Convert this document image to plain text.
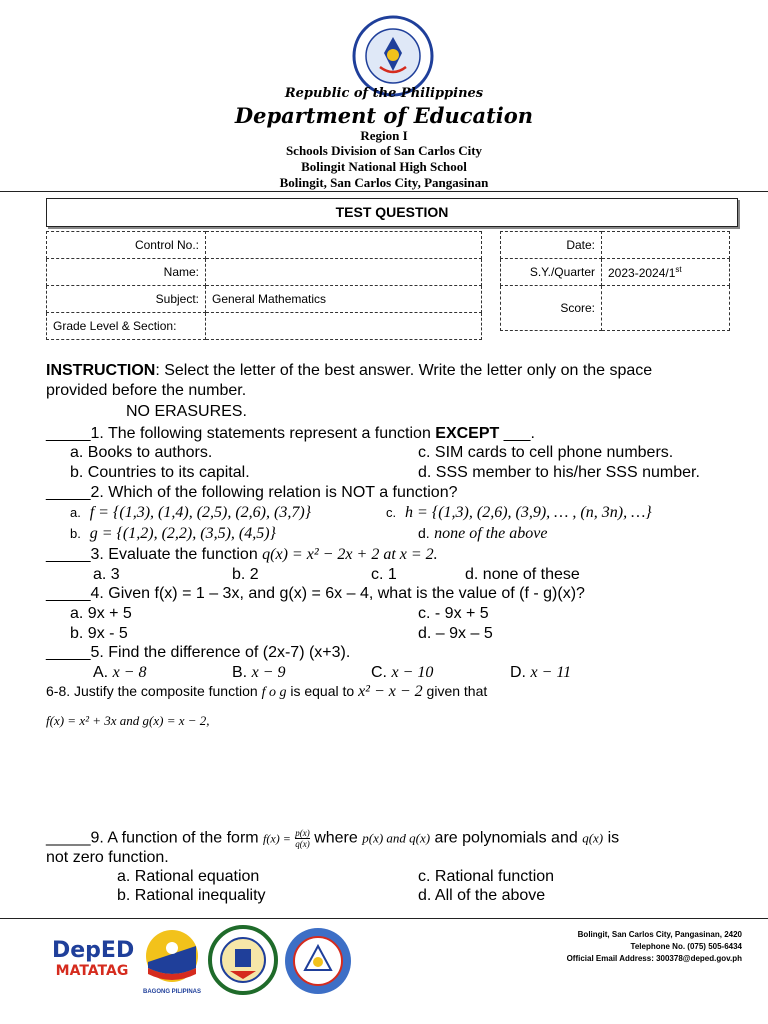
Republic of the Philippines
Department of Education
Region I
Schools Division of San Carlos City
Bolingit National High School
Bolingit, San Carlos City, Pangasinan
TEST QUESTION
Control No.:	
Name:	
Subject:	General Mathematics
Grade Level & Section:	
Date:	
S.Y./Quarter	2023-2024/1st
Score:	
INSTRUCTION: Select the letter of the best answer. Write the letter only on the space
provided before the number.
NO ERASURES.
_____1. The following statements represent a function EXCEPT ___.
a. Books to authors.	c. SIM cards to cell phone numbers.
b. Countries to its capital.	d. SSS member to his/her SSS number.
_____2. Which of the following relation is NOT a function?
a. f = {(1,3), (1,4), (2,5), (2,6), (3,7)}	c. h = {(1,3), (2,6), (3,9), … , (n, 3n), …}
b. g = {(1,2), (2,2), (3,5), (4,5)}	d. none of the above
_____3. Evaluate the function q(x) = x² − 2x + 2 at x = 2.
a. 3	b. 2	c. 1	d. none of these
_____4. Given f(x) = 1 – 3x, and g(x) = 6x – 4, what is the value of (f - g)(x)?
a. 9x + 5	c. - 9x + 5
b. 9x - 5	d. – 9x – 5
_____5. Find the difference of (2x-7) (x+3).
A. x − 8	B. x − 9	C. x − 10	D. x − 11
6-8. Justify the composite function f o g is equal to x² − x − 2 given that
f(x) = x² + 3x and g(x) = x − 2,
_____9. A function of the form $f(x) = \frac{p(x)}{q(x)}$ where p(x) and q(x) are polynomials and q(x) is
not zero function.
a. Rational equation	c. Rational function
b. Rational inequality	d. All of the above
DepED
MATATAG
BAGONG PILIPINAS
Bolingit, San Carlos City, Pangasinan, 2420
Telephone No. (075) 505-6434
Official Email Address: 300378@deped.gov.ph
